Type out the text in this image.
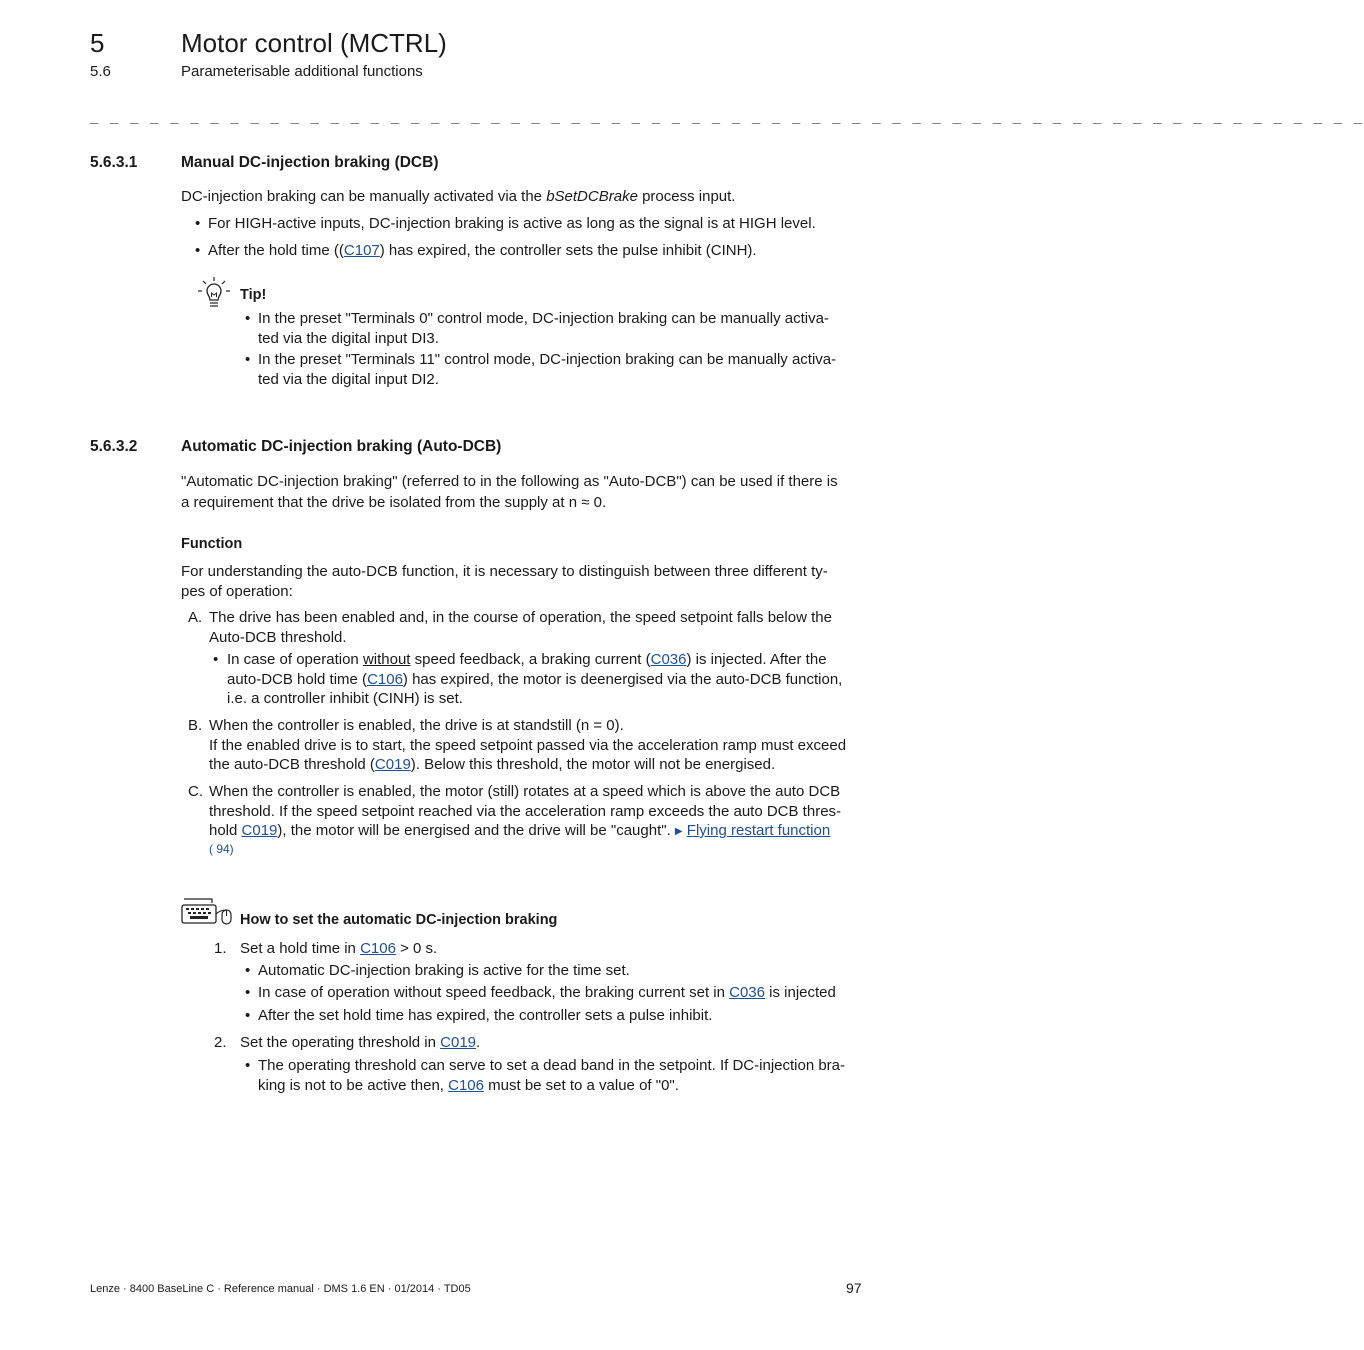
5	Motor control (MCTRL)
5.6	Parameterisable additional functions
_ _ _ _ _ _ _ _ _ _ _ _ _ _ _ _ _ _ _ _ _ _ _ _ _ _ _ _ _ _ _ _ _ _ _ _ _ _ _ _ _ _ _ _ _ _ _ _ _ _ _ _ _ _ _ _ _ _ _ _ _ _ _ _
5.6.3.1	Manual DC-injection braking (DCB)
DC-injection braking can be manually activated via the bSetDCBrake process input.
• For HIGH-active inputs, DC-injection braking is active as long as the signal is at HIGH level.
• After the hold time ((C107) has expired, the controller sets the pulse inhibit (CINH).
Tip!
• In the preset "Terminals 0" control mode, DC-injection braking can be manually activa-
ted via the digital input DI3.
• In the preset "Terminals 11" control mode, DC-injection braking can be manually activa-
ted via the digital input DI2.
5.6.3.2	Automatic DC-injection braking (Auto-DCB)
"Automatic DC-injection braking" (referred to in the following as "Auto-DCB") can be used if there is
a requirement that the drive be isolated from the supply at n ≈ 0.
Function
For understanding the auto-DCB function, it is necessary to distinguish between three different ty-
pes of operation:
A. The drive has been enabled and, in the course of operation, the speed setpoint falls below the
Auto-DCB threshold.
• In case of operation without speed feedback, a braking current (C036) is injected. After the
auto-DCB hold time (C106) has expired, the motor is deenergised via the auto-DCB function,
i.e. a controller inhibit (CINH) is set.
B. When the controller is enabled, the drive is at standstill (n = 0).
If the enabled drive is to start, the speed setpoint passed via the acceleration ramp must exceed
the auto-DCB threshold (C019). Below this threshold, the motor will not be energised.
C. When the controller is enabled, the motor (still) rotates at a speed which is above the auto DCB
threshold. If the speed setpoint reached via the acceleration ramp exceeds the auto DCB thres-
hold C019), the motor will be energised and the drive will be "caught". ▶ Flying restart function
( 94)
How to set the automatic DC-injection braking
1. Set a hold time in C106 > 0 s.
• Automatic DC-injection braking is active for the time set.
• In case of operation without speed feedback, the braking current set in C036 is injected
• After the set hold time has expired, the controller sets a pulse inhibit.
2. Set the operating threshold in C019.
• The operating threshold can serve to set a dead band in the setpoint. If DC-injection bra-
king is not to be active then, C106 must be set to a value of "0".
Lenze · 8400 BaseLine C · Reference manual · DMS 1.6 EN · 01/2014 · TD05	97
